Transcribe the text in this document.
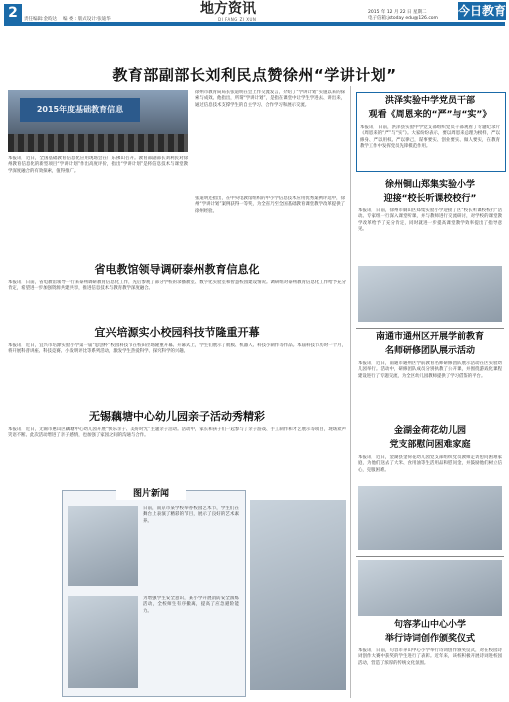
2	责任编辑:金昀达　 编 委 : 版式设计:张迪华
地方资讯
DI FANG ZI XUN
2015 年 12 月 22 日 星期二
电子信箱:jstoday edu@126.com
今日教育
教育部副部长刘利民点赞徐州“学讲计划”
2015年度基础教育信息
本报讯　近日，全国基础教育信息化应用现场会在广东佛山召开。教育部副部长刘利民对徐州教育信息化的新型项目“学讲计划”作出高度评价，指出“学讲计划”是将信息技术与课堂教学深度融合的有效探索，值得推广。
徐州市教育局局长张道明在会上作交流发言，介绍了“学讲计划”实施以来的探索与成效。他指出，所谓“学讲计划”，是指在课堂中让学生学进去、讲出来，通过信息技术支撑学生的自主学习、合作学习和展示交流。
张道明还指出，在中央电教馆组织的中小学信息技术应用优秀案例评选中，徐州“学讲计划”案例获得一等奖，为全省乃至全国基础教育课堂教学改革提供了徐州经验。
省电教馆领导调研泰州教育信息化
本报讯　日前，省电教馆领导一行来泰州调研教育信息化工作，先后参观了部分学校的录播教室、数字化实验室和智慧校园建设情况。调研组对泰州教育信息化工作给予充分肯定，希望进一步加强资源共建共享，推进信息技术与教育教学深度融合。
宜兴培源实小校园科技节隆重开幕
本报讯　近日，宜兴市培源实验小学第一届“思创杯”校园科技节在校田径场隆重开幕。开幕式上，学生们展示了航模、机器人、科技小制作等作品。本届科技节历时一个月，将开展科普讲座、科技竞赛、小发明评比等系列活动，激发学生热爱科学、探究科学的兴趣。
无锡藕塘中心幼儿园亲子活动秀精彩
本报讯　近日，无锡市惠山区藕塘中心幼儿园开展“快乐亲子、美好时光”主题亲子活动。活动中，家长和孩子们一起参与了亲子游戏、手工制作和才艺展示等项目，现场欢声笑语不断。此次活动增进了亲子感情，也加强了家园之间的沟通与合作。
图片新闻
日前，南京市某学校举办校园艺术节，学生们在舞台上表演了精彩的节目，展示了良好的艺术素养。
为增强学生安全意识，某小学开展消防安全演练活动，全校师生有序撤离，提高了应急避险能力。
洪泽实验中学党员干部
观看《周恩来的“严”与“实”》
本报讯　日前，洪泽县实验中学党支部组织党员干部观看了专题纪录片《周恩来的“严”与“实”》。大家纷纷表示，要以周恩来总理为榜样，严以修身、严以用权、严以律己，谋事要实、创业要实、做人要实，在教育教学工作中发挥党员先锋模范作用。
徐州铜山郑集实验小学
迎接“校长听课校校行”
本报讯　日前，徐州市铜山区郑集实验小学迎接了区“校长听课校校行”活动。专家组一行深入课堂听课，并与教师进行交流研讨，对学校的课堂教学改革给予了充分肯定，同时就进一步提高课堂教学效率提出了指导意见。
南通市通州区开展学前教育
名师研修团队展示活动
本报讯　近日，南通市通州区学前教育名师研修团队展示活动在区实验幼儿园举行。活动中，研修团队成员分别执教了公开课，并围绕游戏化课程建设进行了专题交流，为全区幼儿园教师提供了学习借鉴的平台。
金湖金荷花幼儿园
党支部慰问困难家庭
本报讯　近日，金湖县金荷花幼儿园党支部组织党员教师走访慰问困难家庭，为他们送去了大米、食用油等生活用品和慰问金，并鼓励他们树立信心，克服困难。
句容茅山中心小学
举行诗词创作颁奖仪式
本报讯　日前，句容市茅山中心小学举行诗词创作颁奖仪式，对在校园诗词创作大赛中获奖的学生进行了表彰。近年来，该校积极开展诗词进校园活动，营造了浓厚的传统文化氛围。
